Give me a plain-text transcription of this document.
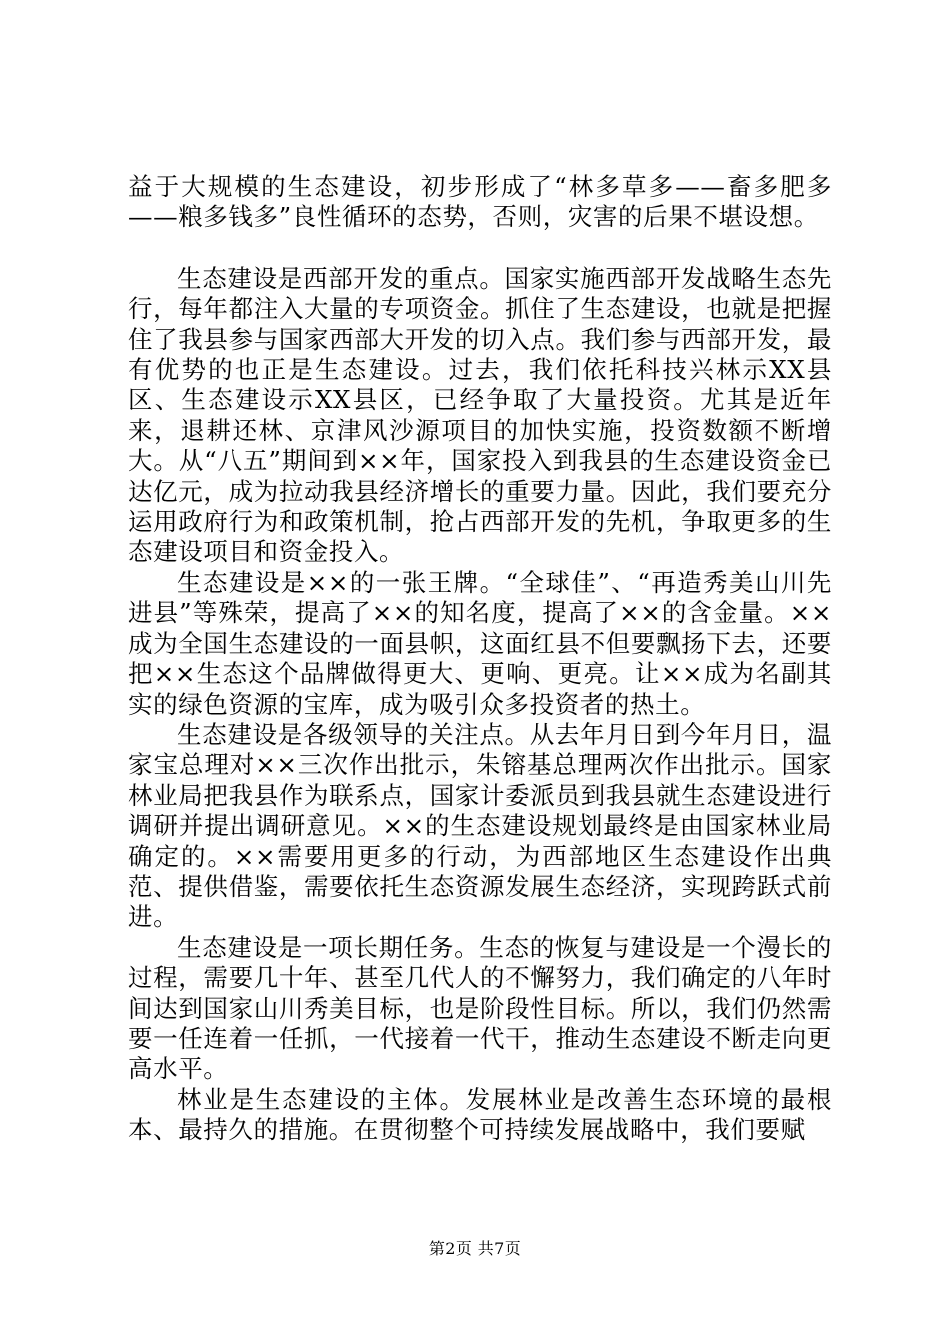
益于大规模的生态建设，初步形成了“林多草多——畜多肥多——粮多钱多”良性循环的态势，否则，灾害的后果不堪设想。

生态建设是西部开发的重点。国家实施西部开发战略生态先行，每年都注入大量的专项资金。抓住了生态建设，也就是把握住了我县参与国家西部大开发的切入点。我们参与西部开发，最有优势的也正是生态建设。过去，我们依托科技兴林示XX县区、生态建设示XX县区，已经争取了大量投资。尤其是近年来，退耕还林、京津风沙源项目的加快实施，投资数额不断增大。从“八五”期间到××年，国家投入到我县的生态建设资金已达亿元，成为拉动我县经济增长的重要力量。因此，我们要充分运用政府行为和政策机制，抢占西部开发的先机，争取更多的生态建设项目和资金投入。

生态建设是××的一张王牌。“全球佳”、“再造秀美山川先进县”等殊荣，提高了××的知名度，提高了××的含金量。××成为全国生态建设的一面县帜，这面红县不但要飘扬下去，还要把××生态这个品牌做得更大、更响、更亮。让××成为名副其实的绿色资源的宝库，成为吸引众多投资者的热土。

生态建设是各级领导的关注点。从去年月日到今年月日，温家宝总理对××三次作出批示，朱镕基总理两次作出批示。国家林业局把我县作为联系点，国家计委派员到我县就生态建设进行调研并提出调研意见。××的生态建设规划最终是由国家林业局确定的。××需要用更多的行动，为西部地区生态建设作出典范、提供借鉴，需要依托生态资源发展生态经济，实现跨跃式前进。

生态建设是一项长期任务。生态的恢复与建设是一个漫长的过程，需要几十年、甚至几代人的不懈努力，我们确定的八年时间达到国家山川秀美目标，也是阶段性目标。所以，我们仍然需要一任连着一任抓，一代接着一代干，推动生态建设不断走向更高水平。

林业是生态建设的主体。发展林业是改善生态环境的最根本、最持久的措施。在贯彻整个可持续发展战略中，我们要赋

第2页 共7页
